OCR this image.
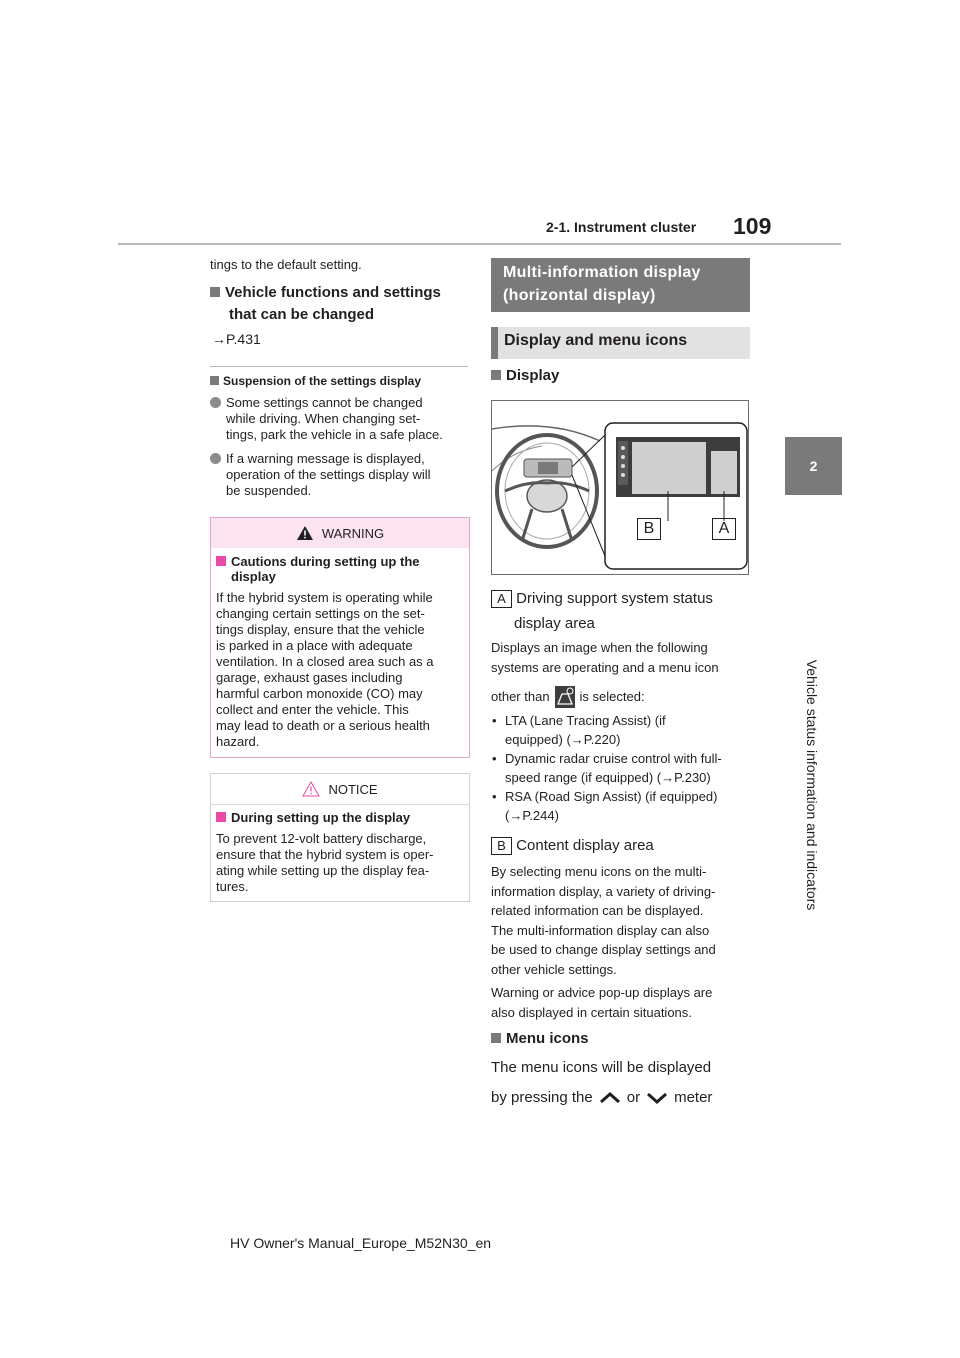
2-1. Instrument cluster 109
2
Vehicle status information and indicators
tings to the default setting.
Vehicle functions and settings
that can be changed
→P.431
Suspension of the settings display
Some settings cannot be changed
while driving. When changing set-
tings, park the vehicle in a safe place.
If a warning message is displayed,
operation of the settings display will
be suspended.
WARNING
Cautions during setting up the
display
If the hybrid system is operating while
changing certain settings on the set-
tings display, ensure that the vehicle
is parked in a place with adequate
ventilation. In a closed area such as a
garage, exhaust gases including
harmful carbon monoxide (CO) may
collect and enter the vehicle. This
may lead to death or a serious health
hazard.
NOTICE
During setting up the display
To prevent 12-volt battery discharge,
ensure that the hybrid system is oper-
ating while setting up the display fea-
tures.
Multi-information display
(horizontal display)
Display and menu icons
Display
B	A
A Driving support system status
display area
Displays an image when the following
systems are operating and a menu icon
other than is selected:
• LTA (Lane Tracing Assist) (if
equipped) (→P.220)
• Dynamic radar cruise control with full-
speed range (if equipped) (→P.230)
• RSA (Road Sign Assist) (if equipped)
(→P.244)
B Content display area
By selecting menu icons on the multi-
information display, a variety of driving-
related information can be displayed.
The multi-information display can also
be used to change display settings and
other vehicle settings.
Warning or advice pop-up displays are
also displayed in certain situations.
Menu icons
The menu icons will be displayed
by pressing the or meter
HV Owner's Manual_Europe_M52N30_en
